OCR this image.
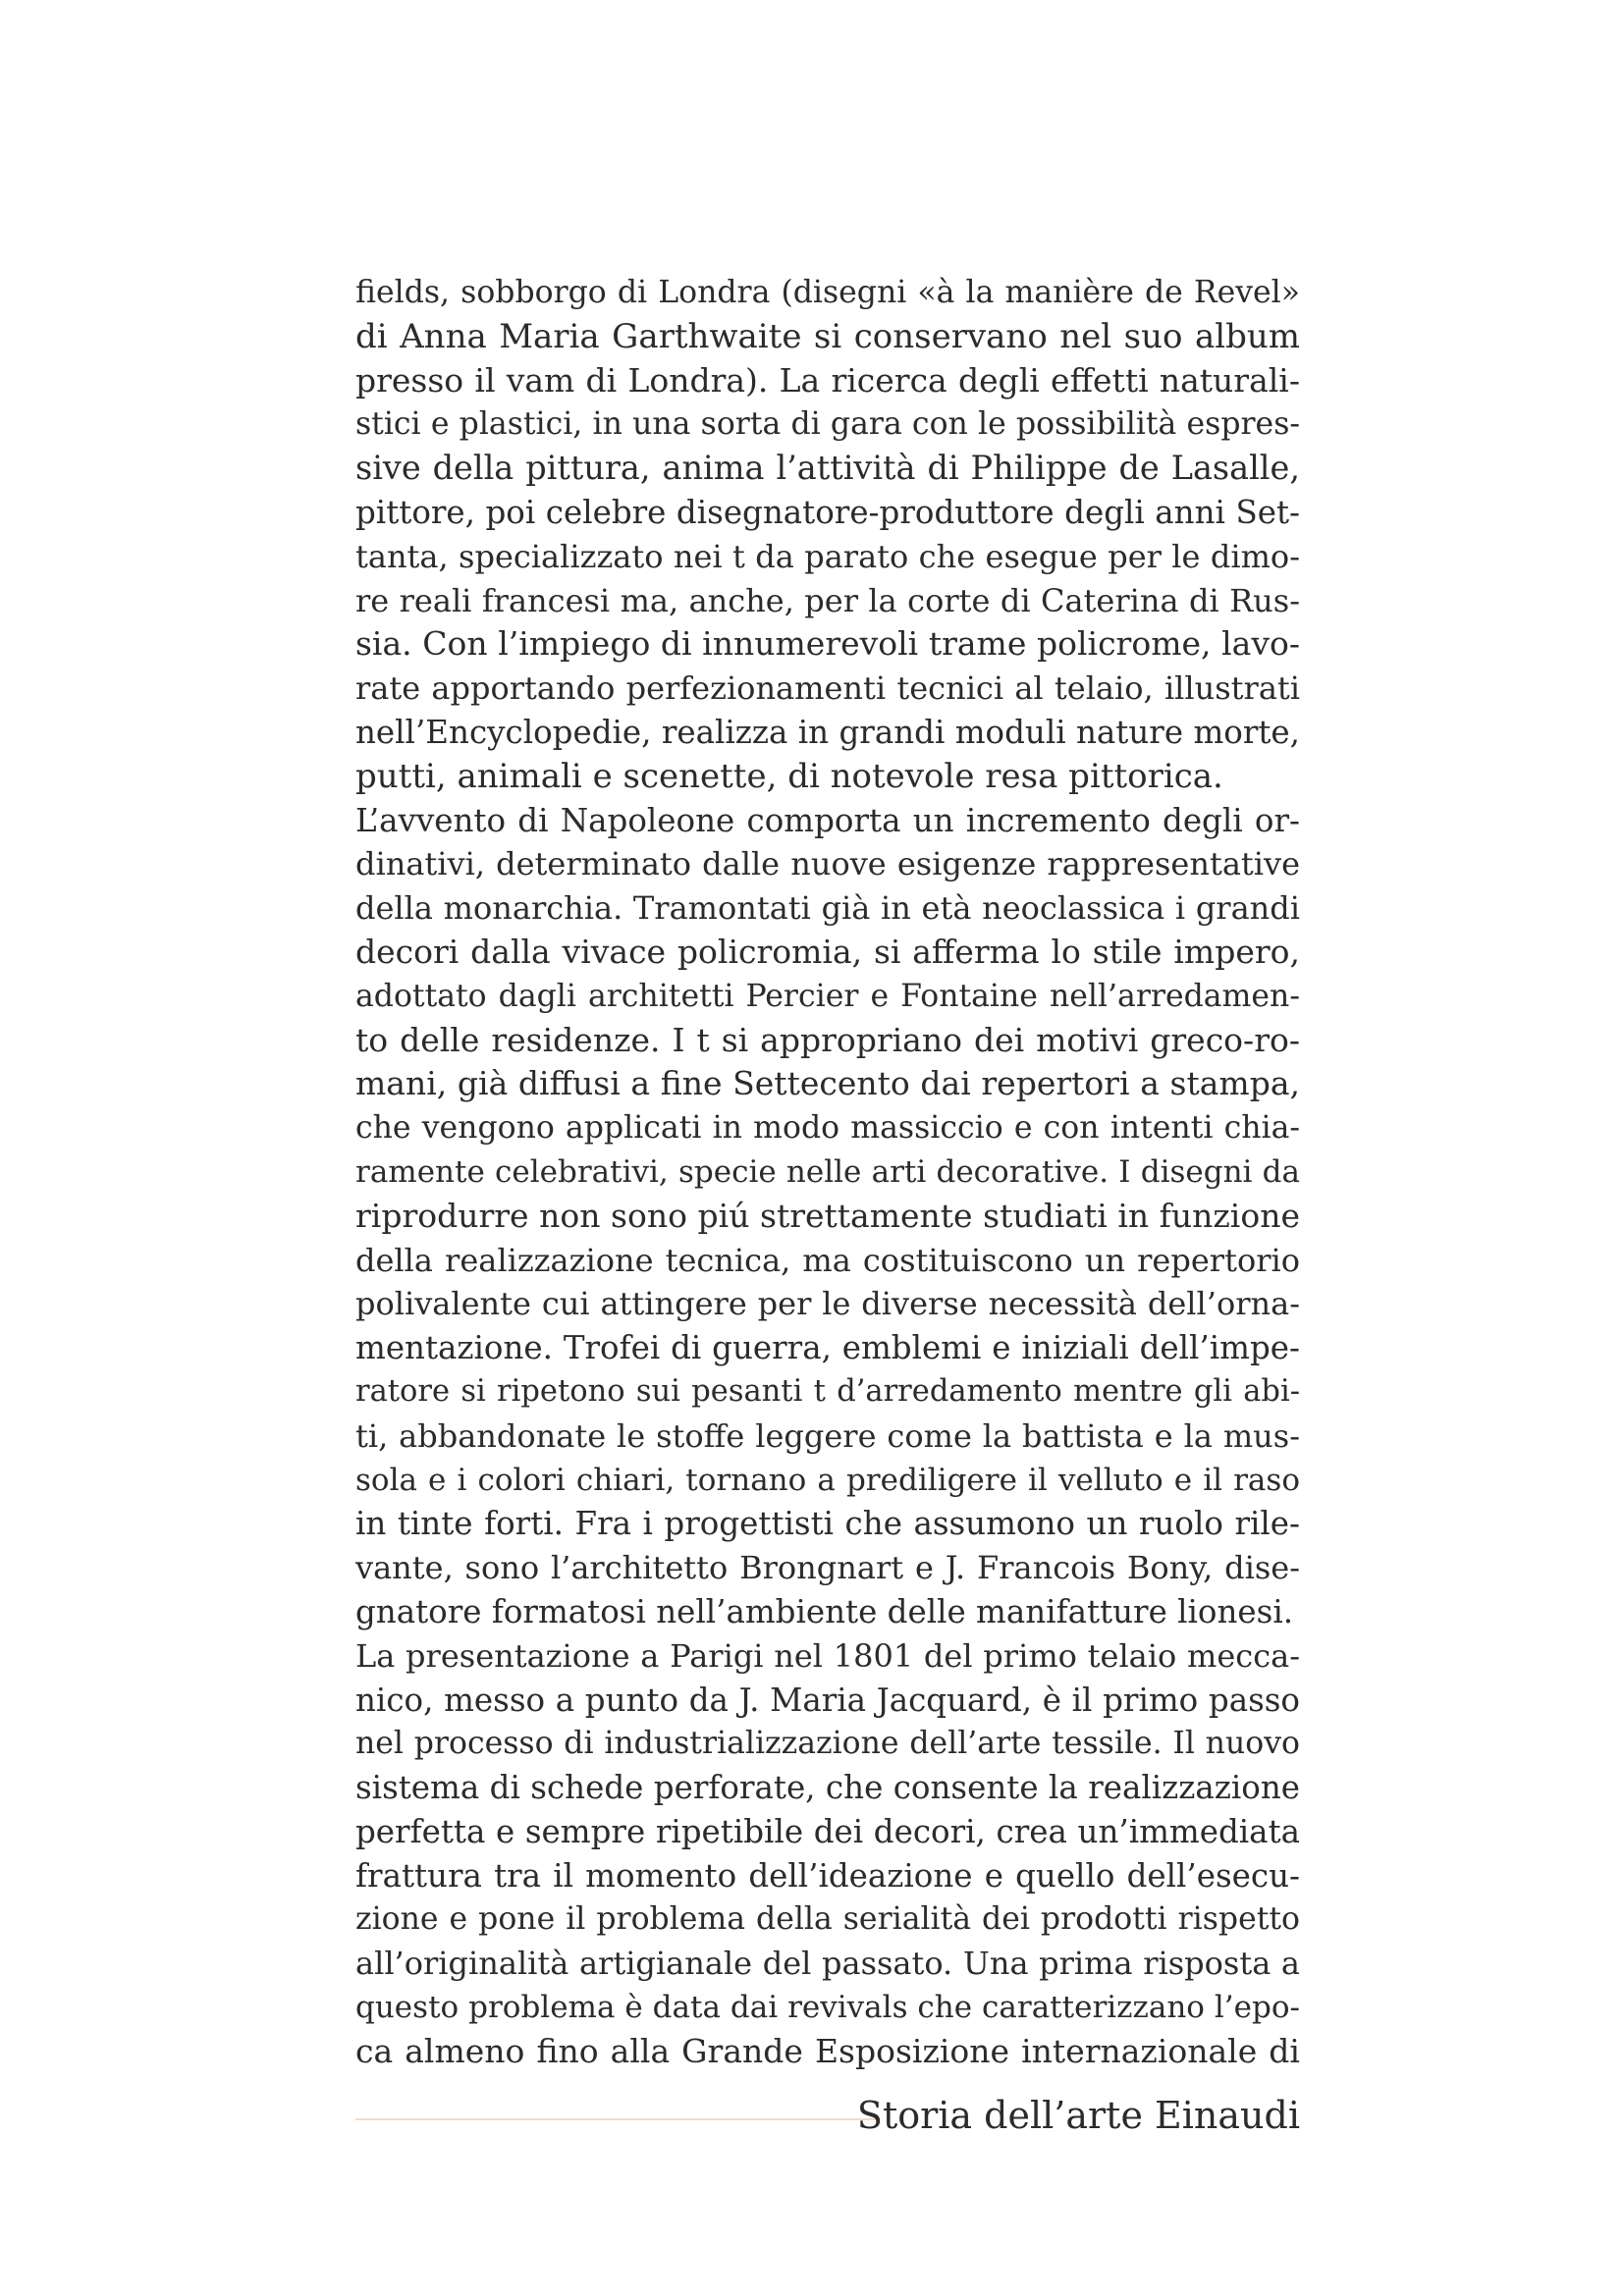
fields, sobborgo di Londra (disegni «à la manière de Revel»
di Anna Maria Garthwaite si conservano nel suo album
presso il vam di Londra). La ricerca degli effetti naturali-
stici e plastici, in una sorta di gara con le possibilità espres-
sive della pittura, anima l’attività di Philippe de Lasalle,
pittore, poi celebre disegnatore-produttore degli anni Set-
tanta, specializzato nei t da parato che esegue per le dimo-
re reali francesi ma, anche, per la corte di Caterina di Rus-
sia. Con l’impiego di innumerevoli trame policrome, lavo-
rate apportando perfezionamenti tecnici al telaio, illustrati
nell’Encyclopedie, realizza in grandi moduli nature morte,
putti, animali e scenette, di notevole resa pittorica.
L’avvento di Napoleone comporta un incremento degli or-
dinativi, determinato dalle nuove esigenze rappresentative
della monarchia. Tramontati già in età neoclassica i grandi
decori dalla vivace policromia, si afferma lo stile impero,
adottato dagli architetti Percier e Fontaine nell’arredamen-
to delle residenze. I t si appropriano dei motivi greco-ro-
mani, già diffusi a fine Settecento dai repertori a stampa,
che vengono applicati in modo massiccio e con intenti chia-
ramente celebrativi, specie nelle arti decorative. I disegni da
riprodurre non sono piú strettamente studiati in funzione
della realizzazione tecnica, ma costituiscono un repertorio
polivalente cui attingere per le diverse necessità dell’orna-
mentazione. Trofei di guerra, emblemi e iniziali dell’impe-
ratore si ripetono sui pesanti t d’arredamento mentre gli abi-
ti, abbandonate le stoffe leggere come la battista e la mus-
sola e i colori chiari, tornano a prediligere il velluto e il raso
in tinte forti. Fra i progettisti che assumono un ruolo rile-
vante, sono l’architetto Brongnart e J. Francois Bony, dise-
gnatore formatosi nell’ambiente delle manifatture lionesi.
La presentazione a Parigi nel 1801 del primo telaio mecca-
nico, messo a punto da J. Maria Jacquard, è il primo passo
nel processo di industrializzazione dell’arte tessile. Il nuovo
sistema di schede perforate, che consente la realizzazione
perfetta e sempre ripetibile dei decori, crea un’immediata
frattura tra il momento dell’ideazione e quello dell’esecu-
zione e pone il problema della serialità dei prodotti rispetto
all’originalità artigianale del passato. Una prima risposta a
questo problema è data dai revivals che caratterizzano l’epo-
ca almeno fino alla Grande Esposizione internazionale di
Storia dell’arte Einaudi
